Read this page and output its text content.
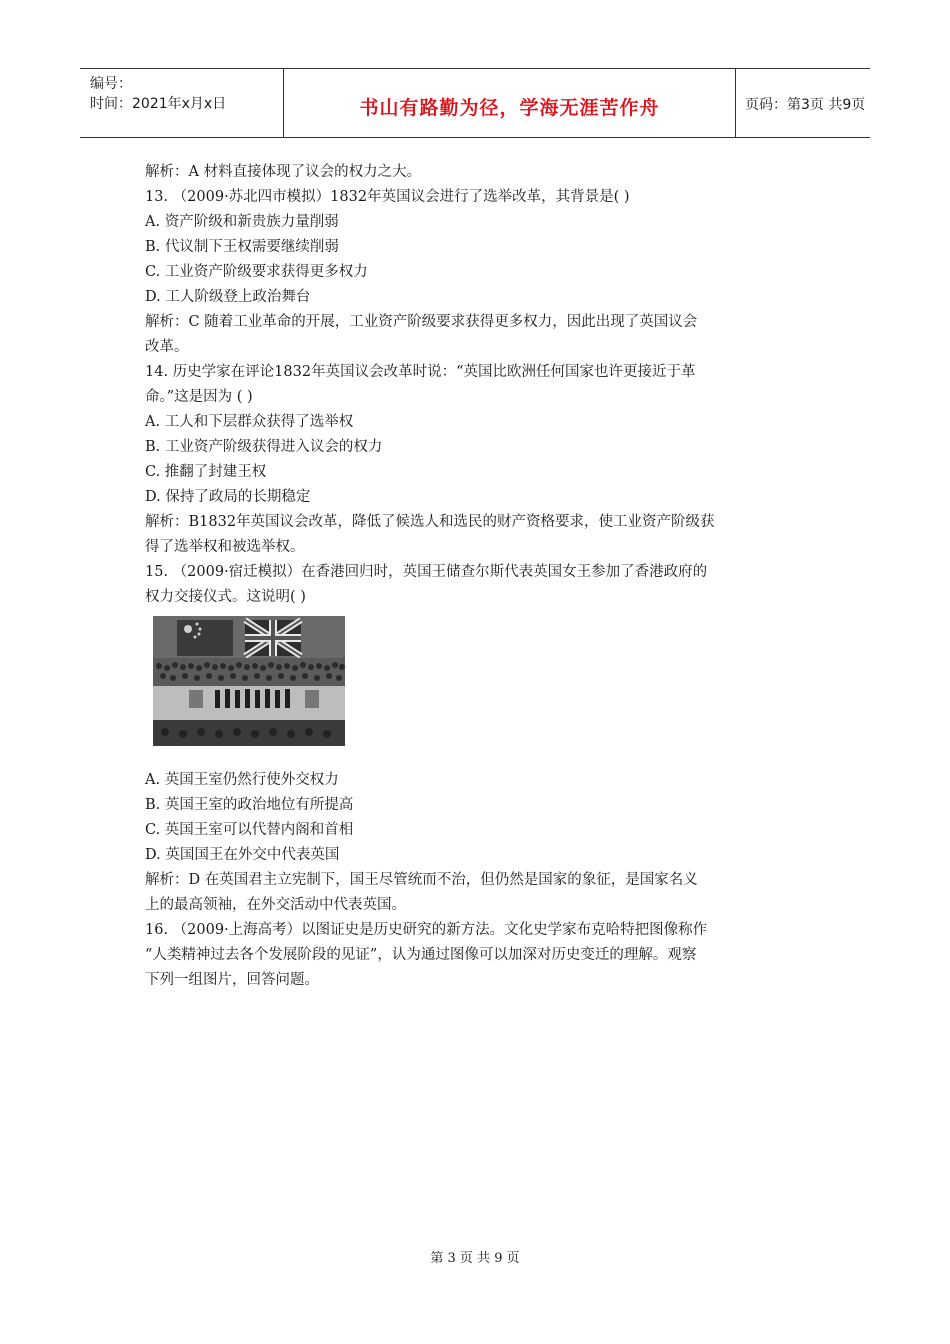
编号：
时间：2021年x月x日	书山有路勤为径，学海无涯苦作舟	页码：第3页 共9页
解析：A 材料直接体现了议会的权力之大。
13. （2009·苏北四市模拟）1832年英国议会进行了选举改革，其背景是( )
A. 资产阶级和新贵族力量削弱
B. 代议制下王权需要继续削弱
C. 工业资产阶级要求获得更多权力
D. 工人阶级登上政治舞台
解析：C 随着工业革命的开展，工业资产阶级要求获得更多权力，因此出现了英国议会
改革。
14. 历史学家在评论1832年英国议会改革时说：“英国比欧洲任何国家也许更接近于革
命。”这是因为 ( )
A. 工人和下层群众获得了选举权
B. 工业资产阶级获得进入议会的权力
C. 推翻了封建王权
D. 保持了政局的长期稳定
解析：B1832年英国议会改革，降低了候选人和选民的财产资格要求，使工业资产阶级获
得了选举权和被选举权。
15. （2009·宿迁模拟）在香港回归时，英国王储查尔斯代表英国女王参加了香港政府的
权力交接仪式。这说明( )
A. 英国王室仍然行使外交权力
B. 英国王室的政治地位有所提高
C. 英国王室可以代替内阁和首相
D. 英国国王在外交中代表英国
解析：D 在英国君主立宪制下，国王尽管统而不治，但仍然是国家的象征，是国家名义
上的最高领袖，在外交活动中代表英国。
16. （2009·上海高考）以图证史是历史研究的新方法。文化史学家布克哈特把图像称作
“人类精神过去各个发展阶段的见证”，认为通过图像可以加深对历史变迁的理解。观察
下列一组图片，回答问题。
第 3 页 共 9 页
